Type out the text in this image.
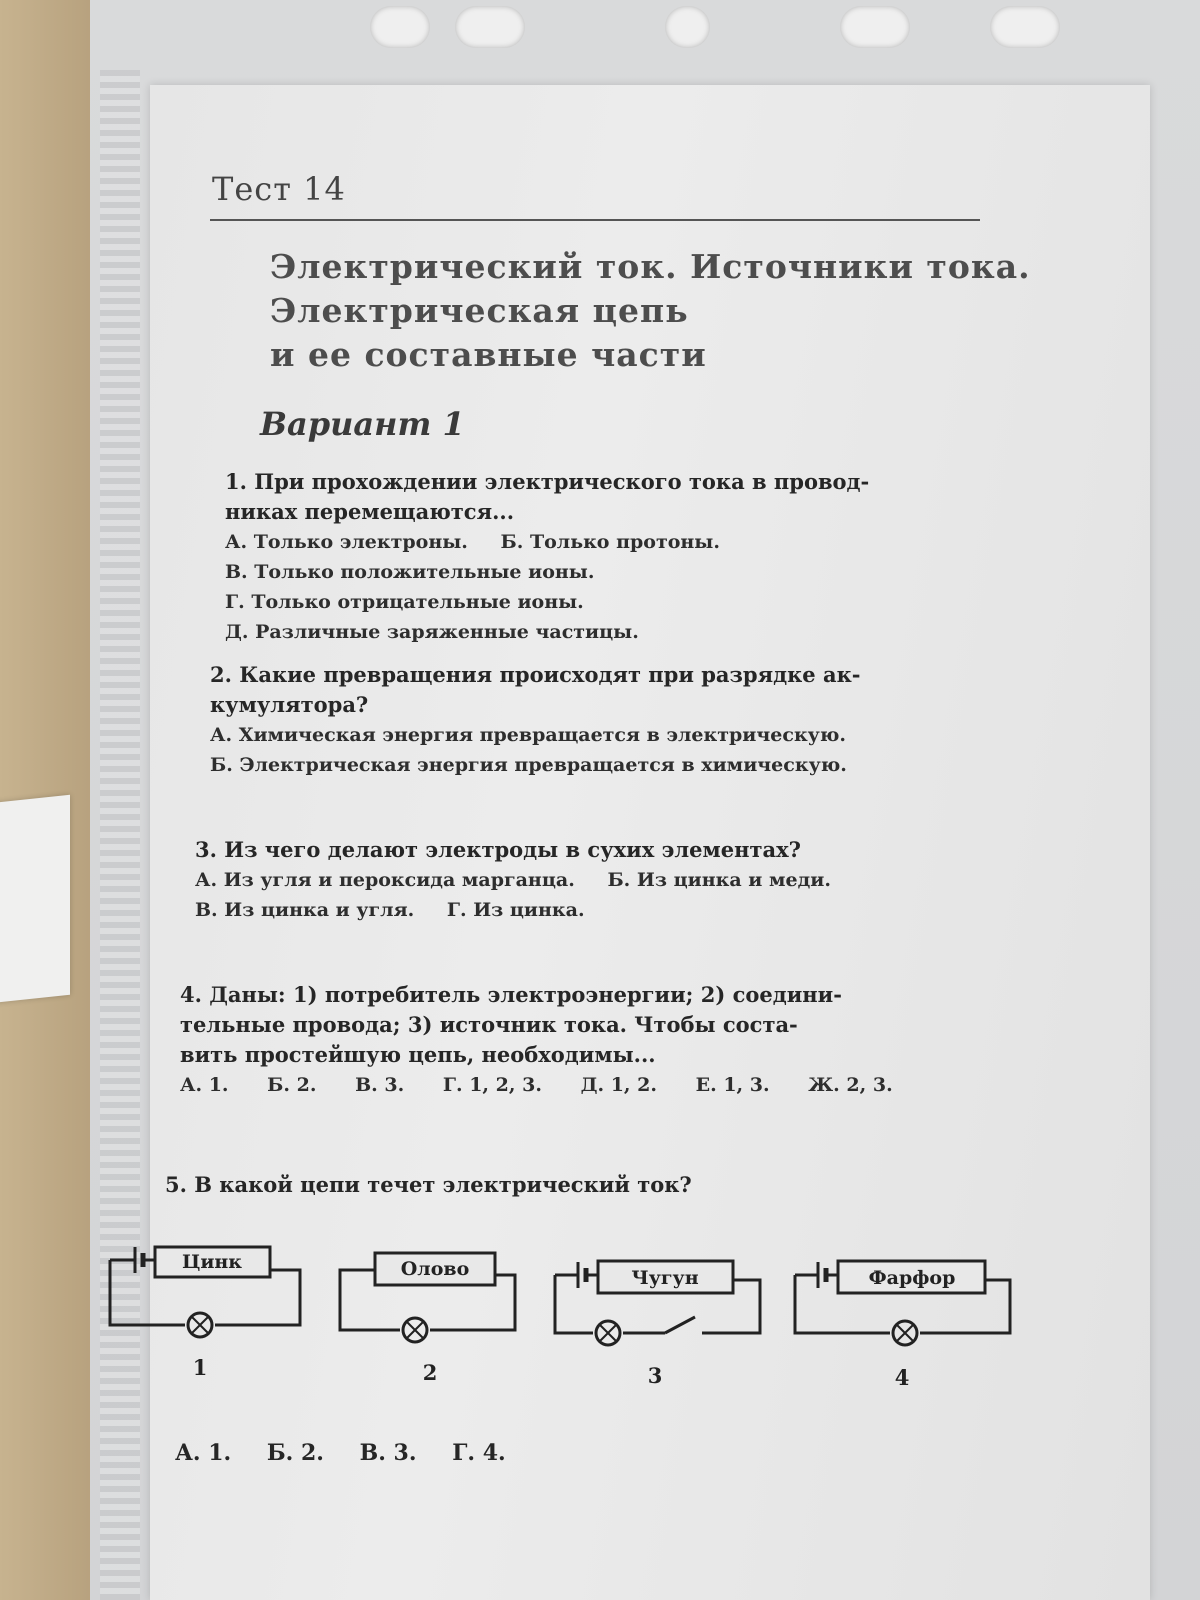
Тест 14
Электрический ток. Источники тока.
Электрическая цепь
и ее составные части
Вариант 1
1. При прохождении электрического тока в провод-
никах перемещаются...
А. Только электроны. Б. Только протоны. В. Только положительные ионы.
Г. Только отрицательные ионы.
Д. Различные заряженные частицы.
2. Какие превращения происходят при разрядке ак-
кумулятора?
А. Химическая энергия превращается в электрическую.
Б. Электрическая энергия превращается в химическую.
3. Из чего делают электроды в сухих элементах?
А. Из угля и пероксида марганца. Б. Из цинка и меди.
В. Из цинка и угля. Г. Из цинка.
4. Даны: 1) потребитель электроэнергии; 2) соедини-
тельные провода; 3) источник тока. Чтобы соста-
вить простейшую цепь, необходимы...
А. 1. Б. 2. В. 3. Г. 1, 2, 3. Д. 1, 2. Е. 1, 3. Ж. 2, 3.
5. В какой цепи течет электрический ток?
Цинк
1
Олово
2
Чугун
3
Фарфор
4
А. 1. Б. 2. В. 3. Г. 4.
